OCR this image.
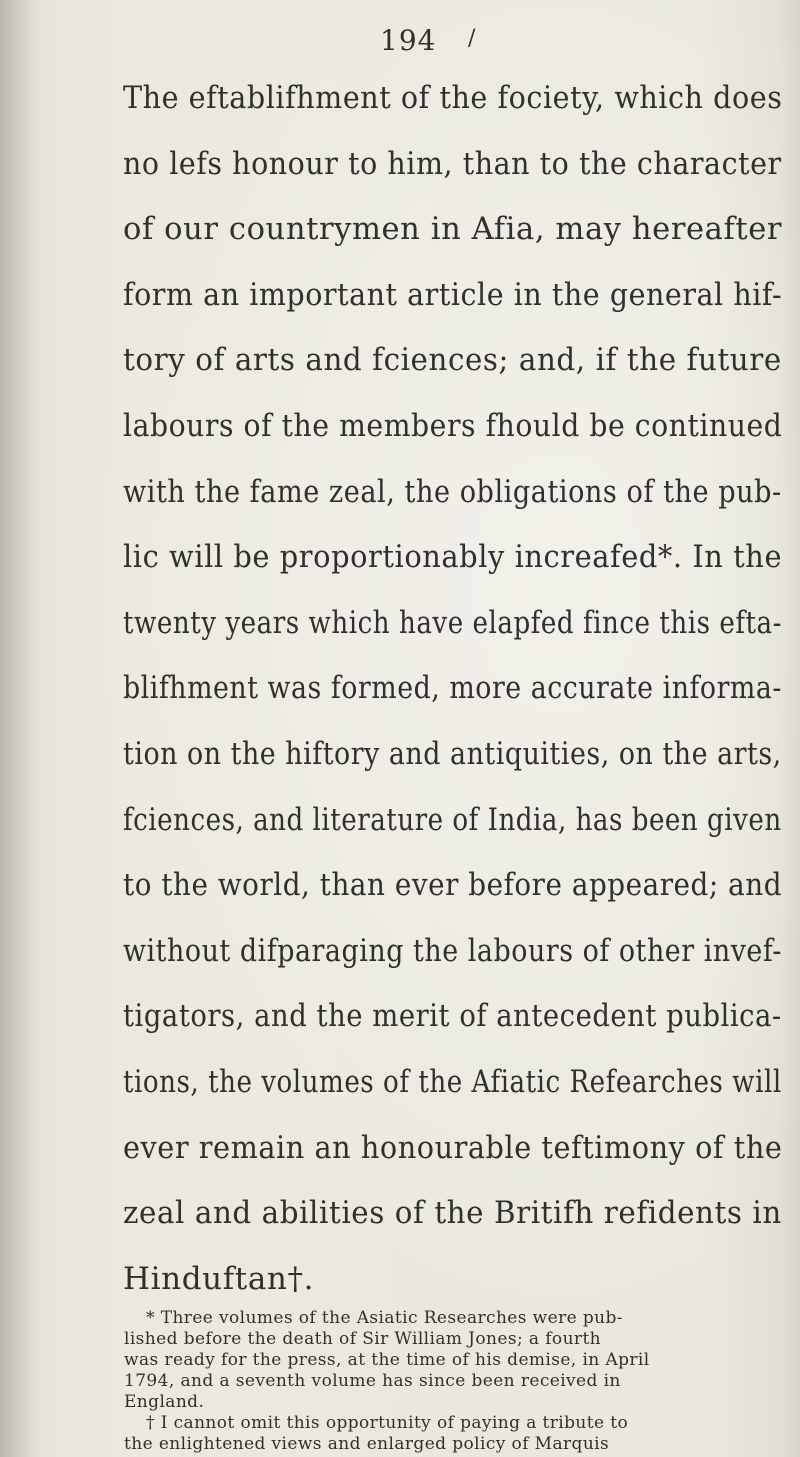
194 /
The eftablifhment of the fociety, which does
no lefs honour to him, than to the character
of our countrymen in Afia, may hereafter
form an important article in the general hif-
tory of arts and fciences; and, if the future
labours of the members fhould be continued
with the fame zeal, the obligations of the pub-
lic will be proportionably increafed*. In the
twenty years which have elapfed fince this efta-
blifhment was formed, more accurate informa-
tion on the hiftory and antiquities, on the arts,
fciences, and literature of India, has been given
to the world, than ever before appeared; and
without difparaging the labours of other invef-
tigators, and the merit of antecedent publica-
tions, the volumes of the Afiatic Refearches will
ever remain an honourable teftimony of the
zeal and abilities of the Britifh refidents in
Hinduftan†.
* Three volumes of the Asiatic Researches were pub-
lished before the death of Sir William Jones; a fourth
was ready for the press, at the time of his demise, in April
1794, and a seventh volume has since been received in
England.
† I cannot omit this opportunity of paying a tribute to
the enlightened views and enlarged policy of Marquis
